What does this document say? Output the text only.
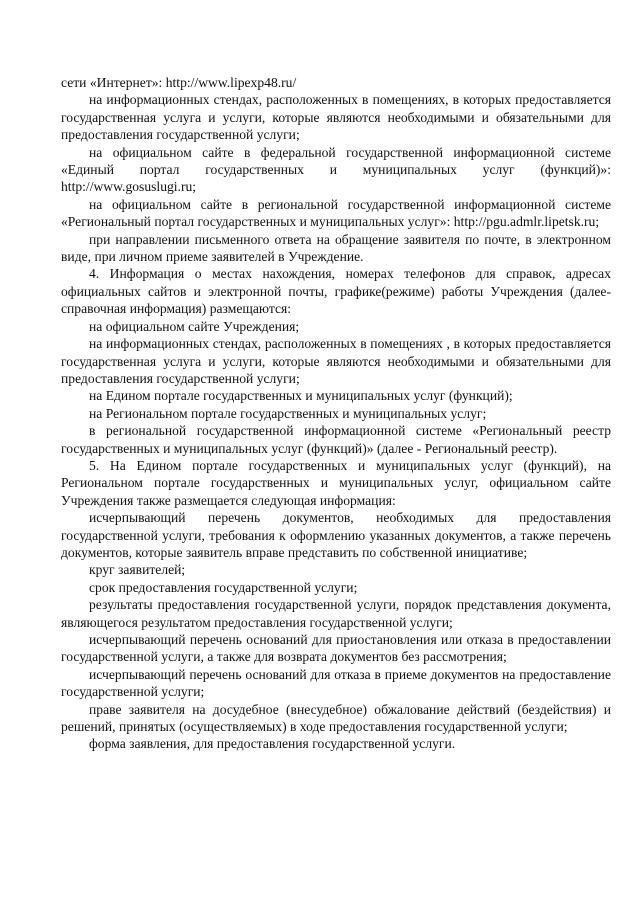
сети «Интернет»: http://www.lipexp48.ru/

на информационных стендах, расположенных в помещениях, в которых предоставляется государственная услуга и услуги, которые являются необходимыми и обязательными для предоставления государственной услуги;

на официальном сайте в федеральной государственной информационной системе «Единый портал государственных и муниципальных услуг (функций)»: http://www.gosuslugi.ru;

на официальном сайте в региональной государственной информационной системе «Региональный портал государственных и муниципальных услуг»: http://pgu.admlr.lipetsk.ru;

при направлении письменного ответа на обращение заявителя по почте, в электронном виде, при личном приеме заявителей в Учреждение.

4. Информация о местах нахождения, номерах телефонов для справок, адресах официальных сайтов и электронной почты, графике(режиме) работы Учреждения (далее- справочная информация) размещаются:

на официальном сайте Учреждения;

на информационных стендах, расположенных в помещениях , в которых предоставляется государственная услуга и услуги, которые являются необходимыми и обязательными для предоставления государственной услуги;

на Едином портале государственных и муниципальных услуг (функций);

на Региональном портале государственных и муниципальных услуг;

в региональной государственной информационной системе «Региональный реестр государственных и муниципальных услуг (функций)» (далее - Региональный реестр).

5. На Едином портале государственных и муниципальных услуг (функций), на Региональном портале государственных и муниципальных услуг, официальном сайте Учреждения также размещается следующая информация:

исчерпывающий перечень документов, необходимых для предоставления государственной услуги, требования к оформлению указанных документов, а также перечень документов, которые заявитель вправе представить по собственной инициативе;

круг заявителей;

срок предоставления государственной услуги;

результаты предоставления государственной услуги, порядок представления документа, являющегося результатом предоставления государственной услуги;

исчерпывающий перечень оснований для приостановления или отказа в предоставлении государственной услуги, а также для возврата документов без рассмотрения;

исчерпывающий перечень оснований для отказа в приеме документов на предоставление государственной услуги;

праве заявителя на досудебное (внесудебное) обжалование действий (бездействия) и решений, принятых (осуществляемых) в ходе предоставления государственной услуги;

форма заявления, для предоставления государственной услуги.
